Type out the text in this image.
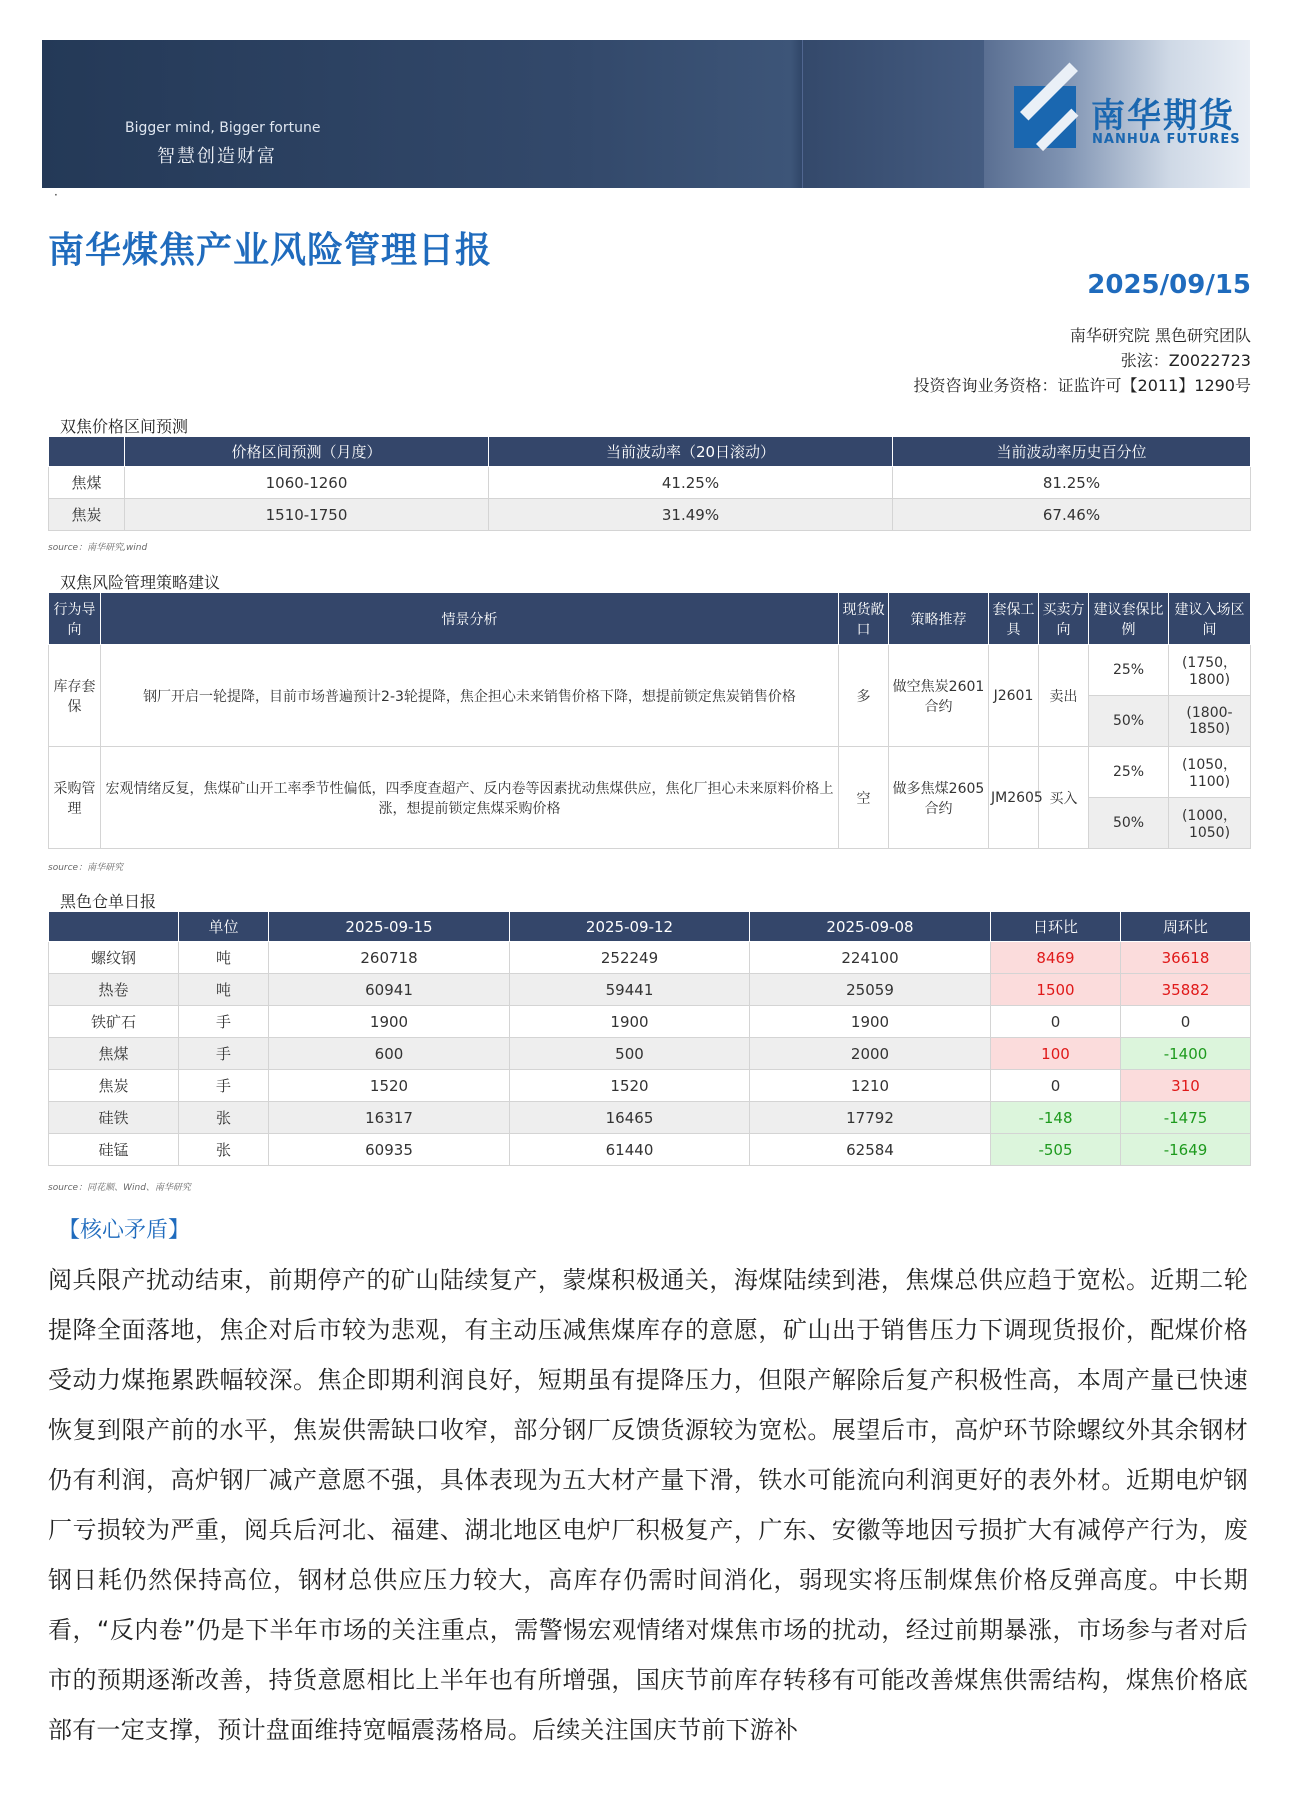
Bigger mind, Bigger fortune
智慧创造财富
南华期货
NANHUA FUTURES
·
南华煤焦产业风险管理日报
2025/09/15
南华研究院 黑色研究团队
张泫：Z0022723
投资咨询业务资格：证监许可【2011】1290号
双焦价格区间预测
	价格区间预测（月度）	当前波动率（20日滚动）	当前波动率历史百分位
焦煤	1060-1260	41.25%	81.25%
焦炭	1510-1750	31.49%	67.46%
source：南华研究,wind
双焦风险管理策略建议
行为导向	情景分析	现货敞口	策略推荐	套保工具	买卖方向	建议套保比例	建议入场区间
库存套保	钢厂开启一轮提降，目前市场普遍预计2-3轮提降，焦企担心未来销售价格下降，想提前锁定焦炭销售价格	多	做空焦炭2601合约	J2601	卖出	25%	(1750，1800)
						50%	(1800-1850)
采购管理	宏观情绪反复，焦煤矿山开工率季节性偏低，四季度查超产、反内卷等因素扰动焦煤供应，焦化厂担心未来原料价格上涨，想提前锁定焦煤采购价格	空	做多焦煤2605合约	JM2605	买入	25%	(1050，1100)
						50%	(1000，1050)
source：南华研究
黑色仓单日报
	单位	2025-09-15	2025-09-12	2025-09-08	日环比	周环比
螺纹钢	吨	260718	252249	224100	8469	36618
热卷	吨	60941	59441	25059	1500	35882
铁矿石	手	1900	1900	1900	0	0
焦煤	手	600	500	2000	100	-1400
焦炭	手	1520	1520	1210	0	310
硅铁	张	16317	16465	17792	-148	-1475
硅锰	张	60935	61440	62584	-505	-1649
source：同花顺、Wind、南华研究
【核心矛盾】
阅兵限产扰动结束，前期停产的矿山陆续复产，蒙煤积极通关，海煤陆续到港，焦煤总供应趋于宽松。近期二轮提降全面落地，焦企对后市较为悲观，有主动压减焦煤库存的意愿，矿山出于销售压力下调现货报价，配煤价格受动力煤拖累跌幅较深。焦企即期利润良好，短期虽有提降压力，但限产解除后复产积极性高，本周产量已快速恢复到限产前的水平，焦炭供需缺口收窄，部分钢厂反馈货源较为宽松。展望后市，高炉环节除螺纹外其余钢材仍有利润，高炉钢厂减产意愿不强，具体表现为五大材产量下滑，铁水可能流向利润更好的表外材。近期电炉钢厂亏损较为严重，阅兵后河北、福建、湖北地区电炉厂积极复产，广东、安徽等地因亏损扩大有减停产行为，废钢日耗仍然保持高位，钢材总供应压力较大，高库存仍需时间消化，弱现实将压制煤焦价格反弹高度。中长期看，“反内卷”仍是下半年市场的关注重点，需警惕宏观情绪对煤焦市场的扰动，经过前期暴涨，市场参与者对后市的预期逐渐改善，持货意愿相比上半年也有所增强，国庆节前库存转移有可能改善煤焦供需结构，煤焦价格底部有一定支撑，预计盘面维持宽幅震荡格局。后续关注国庆节前下游补
